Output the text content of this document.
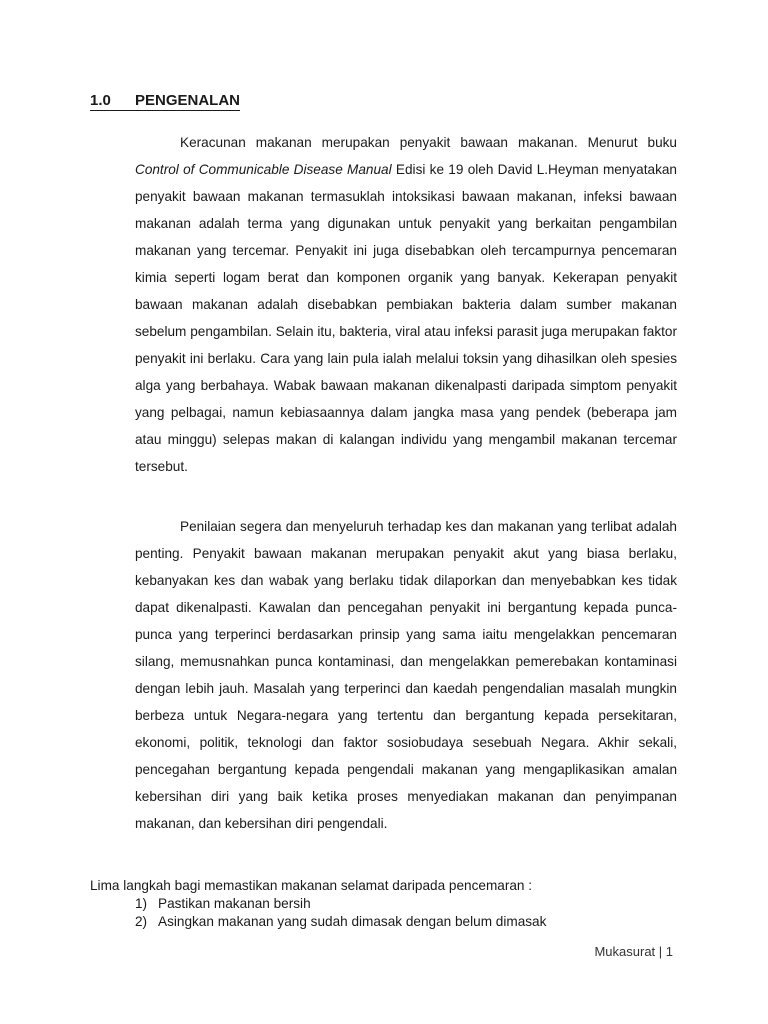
1.0 PENGENALAN

Keracunan makanan merupakan penyakit bawaan makanan. Menurut buku Control of Communicable Disease Manual Edisi ke 19 oleh David L.Heyman menyatakan penyakit bawaan makanan termasuklah intoksikasi bawaan makanan, infeksi bawaan makanan adalah terma yang digunakan untuk penyakit yang berkaitan pengambilan makanan yang tercemar. Penyakit ini juga disebabkan oleh tercampurnya pencemaran kimia seperti logam berat dan komponen organik yang banyak. Kekerapan penyakit bawaan makanan adalah disebabkan pembiakan bakteria dalam sumber makanan sebelum pengambilan. Selain itu, bakteria, viral atau infeksi parasit juga merupakan faktor penyakit ini berlaku. Cara yang lain pula ialah melalui toksin yang dihasilkan oleh spesies alga yang berbahaya. Wabak bawaan makanan dikenalpasti daripada simptom penyakit yang pelbagai, namun kebiasaannya dalam jangka masa yang pendek (beberapa jam atau minggu) selepas makan di kalangan individu yang mengambil makanan tercemar tersebut.

Penilaian segera dan menyeluruh terhadap kes dan makanan yang terlibat adalah penting. Penyakit bawaan makanan merupakan penyakit akut yang biasa berlaku, kebanyakan kes dan wabak yang berlaku tidak dilaporkan dan menyebabkan kes tidak dapat dikenalpasti. Kawalan dan pencegahan penyakit ini bergantung kepada punca-punca yang terperinci berdasarkan prinsip yang sama iaitu mengelakkan pencemaran silang, memusnahkan punca kontaminasi, dan mengelakkan pemerebakan kontaminasi dengan lebih jauh. Masalah yang terperinci dan kaedah pengendalian masalah mungkin berbeza untuk Negara-negara yang tertentu dan bergantung kepada persekitaran, ekonomi, politik, teknologi dan faktor sosiobudaya sesebuah Negara. Akhir sekali, pencegahan bergantung kepada pengendali makanan yang mengaplikasikan amalan kebersihan diri yang baik ketika proses menyediakan makanan dan penyimpanan makanan, dan kebersihan diri pengendali.

Lima langkah bagi memastikan makanan selamat daripada pencemaran :

1) Pastikan makanan bersih
2) Asingkan makanan yang sudah dimasak dengan belum dimasak
Mukasurat | 1
